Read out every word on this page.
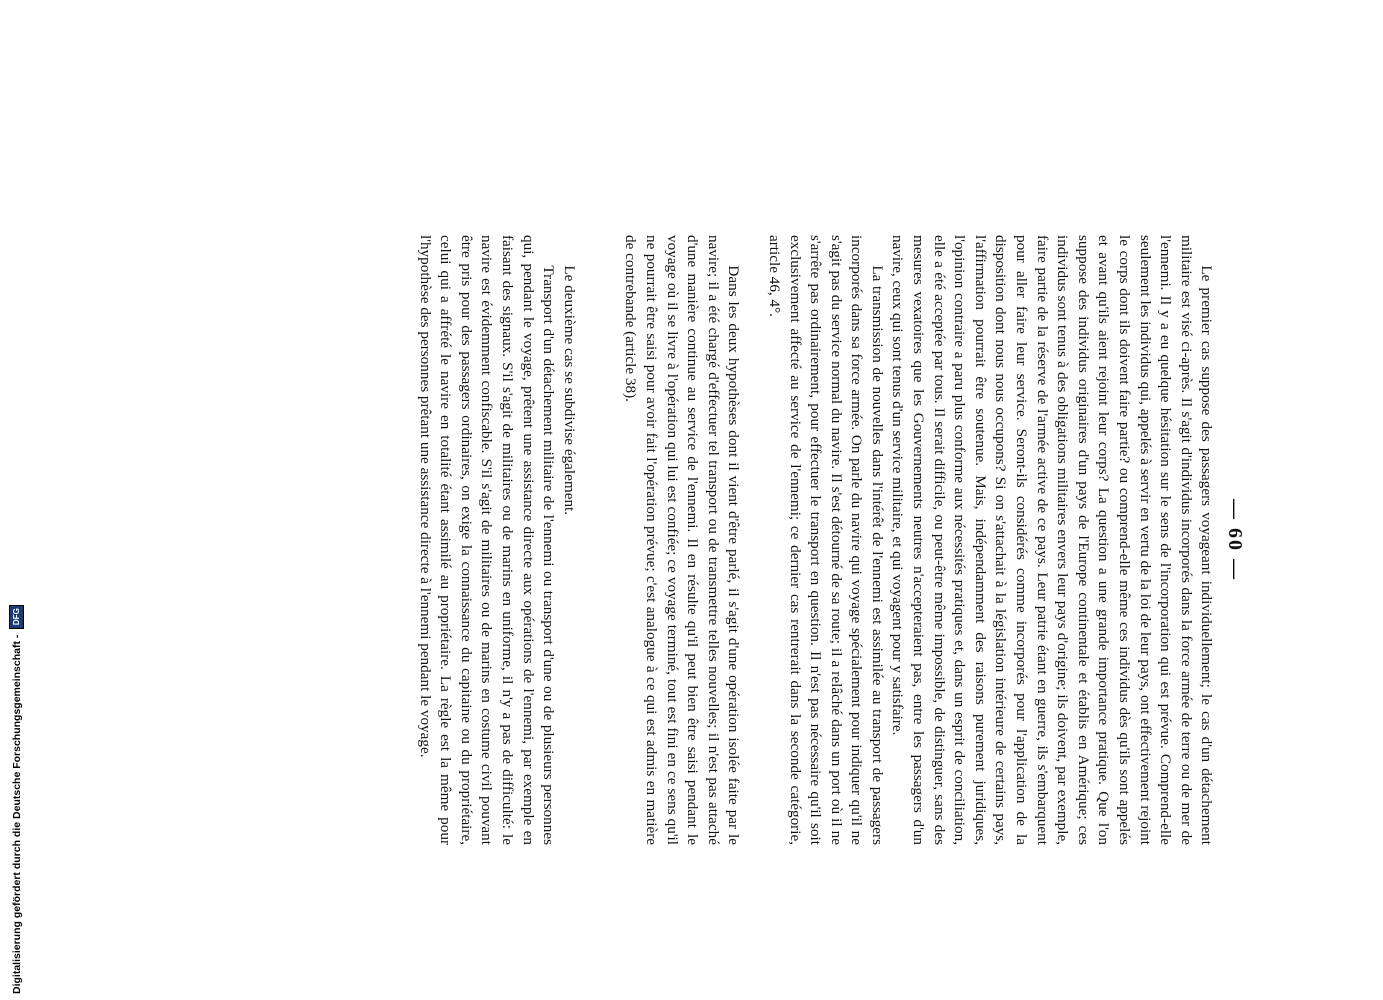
— 60 —

Le premier cas suppose des passagers voyageant individuellement; le cas d'un détachement militaire est visé ci-après. Il s'agit d'individus incorporés dans la force armée de terre ou de mer de l'ennemi. Il y a eu quelque hésitation sur le sens de l'incorporation qui est prévue. Comprend-elle seulement les individus qui, appelés à servir en vertu de la loi de leur pays, ont effectivement rejoint le corps dont ils doivent faire partie? ou comprend-elle même ces individus dès qu'ils sont appelés et avant qu'ils aient rejoint leur corps? La question a une grande importance pratique. Que l'on suppose des individus originaires d'un pays de l'Europe continentale et établis en Amérique; ces individus sont tenus à des obligations militaires envers leur pays d'origine; ils doivent, par exemple, faire partie de la réserve de l'armée active de ce pays. Leur patrie étant en guerre, ils s'embarquent pour aller faire leur service. Seront-ils considérés comme incorporés pour l'application de la disposition dont nous nous occupons? Si on s'attachait à la législation intérieure de certains pays, l'affirmation pourrait être soutenue. Mais, indépendamment des raisons purement juridiques, l'opinion contraire a paru plus conforme aux nécessités pratiques et, dans un esprit de conciliation, elle a été acceptée par tous. Il serait difficile, ou peut-être même impossible, de distinguer, sans des mesures vexatoires que les Gouvernements neutres n'accepteraient pas, entre les passagers d'un navire, ceux qui sont tenus d'un service militaire, et qui voyagent pour y satisfaire.

La transmission de nouvelles dans l'intérêt de l'ennemi est assimilée au transport de passagers incorporés dans sa force armée. On parle du navire qui voyage spécialement pour indiquer qu'il ne s'agit pas du service normal du navire. Il s'est détourné de sa route; il a relâché dans un port où il ne s'arrête pas ordinairement, pour effectuer le transport en question. Il n'est pas nécessaire qu'il soit exclusivement affecté au service de l'ennemi; ce dernier cas rentrerait dans la seconde catégorie, article 46, 4°.

Dans les deux hypothèses dont il vient d'être parlé, il s'agit d'une opération isolée faite par le navire; il a été chargé d'effectuer tel transport ou de transmettre telles nouvelles; il n'est pas attaché d'une manière continue au service de l'ennemi. Il en résulte qu'il peut bien être saisi pendant le voyage où il se livre à l'opération qui lui est confiée; ce voyage terminé, tout est fini en ce sens qu'il ne pourrait être saisi pour avoir fait l'opération prévue; c'est analogue à ce qui est admis en matière de contrebande (article 38).

Le deuxième cas se subdivise également.

Transport d'un détachement militaire de l'ennemi ou transport d'une ou de plusieurs personnes qui, pendant le voyage, prêtent une assistance directe aux opérations de l'ennemi, par exemple en faisant des signaux. S'il s'agit de militaires ou de marins en uniforme, il n'y a pas de difficulté: le navire est évidemment confiscable. S'il s'agit de militaires ou de marins en costume civil pouvant être pris pour des passagers ordinaires, on exige la connaissance du capitaine ou du propriétaire, celui qui a affrété le navire en totalité étant assimilé au propriétaire. La règle est la même pour l'hypothèse des personnes prêtant une assistance directe à l'ennemi pendant le voyage.

Digitalisierung gefördert durch die Deutsche Forschungsgemeinschaft -
DFG
